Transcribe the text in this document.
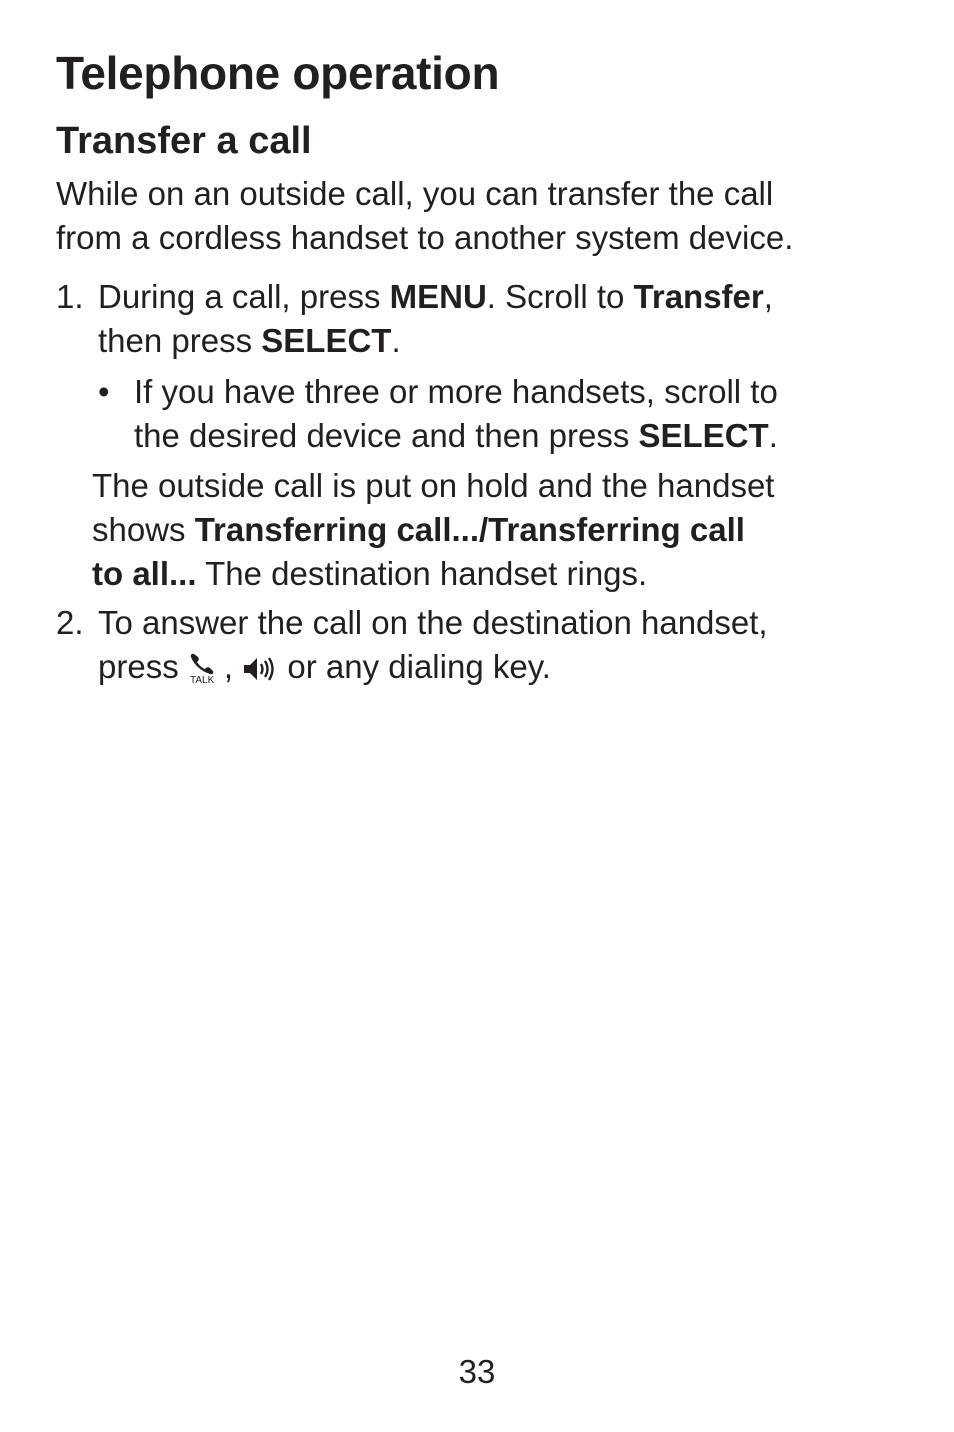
Telephone operation
Transfer a call
While on an outside call, you can transfer the call
from a cordless handset to another system device.
1. During a call, press MENU. Scroll to Transfer,
then press SELECT.
• If you have three or more handsets, scroll to
the desired device and then press SELECT.
The outside call is put on hold and the handset
shows Transferring call.../Transferring call
to all... The destination handset rings.
2. To answer the call on the destination handset,
press TALK ,  or any dialing key.
33
